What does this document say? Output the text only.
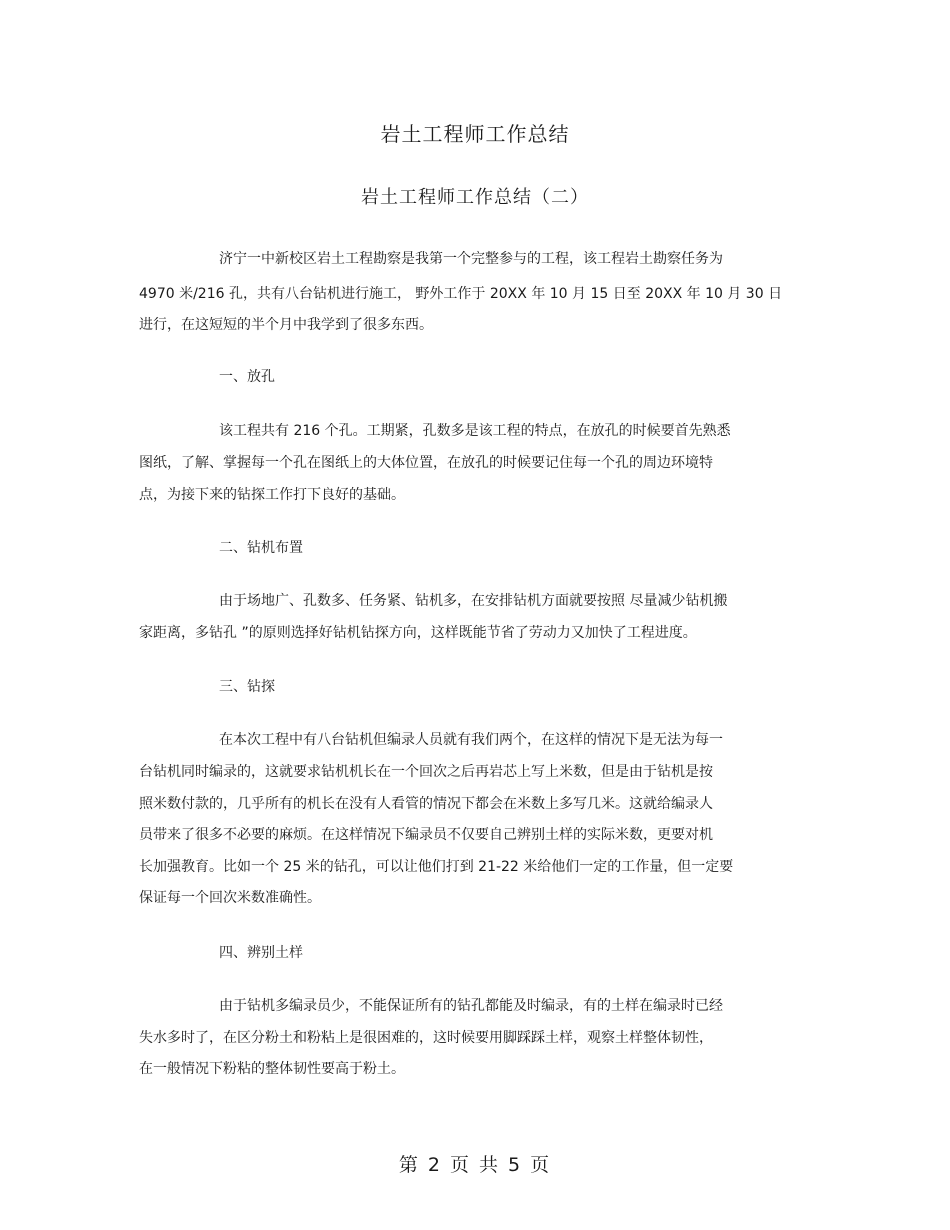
岩土工程师工作总结
岩土工程师工作总结（二）
济宁一中新校区岩土工程勘察是我第一个完整参与的工程，该工程岩土勘察任务为
4970 米/216 孔，共有八台钻机进行施工， 野外工作于 20XX 年 10 月 15 日至 20XX 年 10 月 30 日
进行，在这短短的半个月中我学到了很多东西。
一、放孔
该工程共有 216 个孔。工期紧，孔数多是该工程的特点，在放孔的时候要首先熟悉
图纸，了解、掌握每一个孔在图纸上的大体位置，在放孔的时候要记住每一个孔的周边环境特
点，为接下来的钻探工作打下良好的基础。
二、钻机布置
由于场地广、孔数多、任务紧、钻机多，在安排钻机方面就要按照 尽量减少钻机搬
家距离，多钻孔 ”的原则选择好钻机钻探方向，这样既能节省了劳动力又加快了工程进度。
三、钻探
在本次工程中有八台钻机但编录人员就有我们两个，在这样的情况下是无法为每一
台钻机同时编录的，这就要求钻机机长在一个回次之后再岩芯上写上米数，但是由于钻机是按
照米数付款的，几乎所有的机长在没有人看管的情况下都会在米数上多写几米。这就给编录人
员带来了很多不必要的麻烦。在这样情况下编录员不仅要自己辨别土样的实际米数，更要对机
长加强教育。比如一个 25 米的钻孔，可以让他们打到 21-22 米给他们一定的工作量，但一定要
保证每一个回次米数准确性。
四、辨别土样
由于钻机多编录员少，不能保证所有的钻孔都能及时编录，有的土样在编录时已经
失水多时了，在区分粉土和粉粘上是很困难的，这时候要用脚踩踩土样，观察土样整体韧性，
在一般情况下粉粘的整体韧性要高于粉土。
第 2 页 共 5 页
